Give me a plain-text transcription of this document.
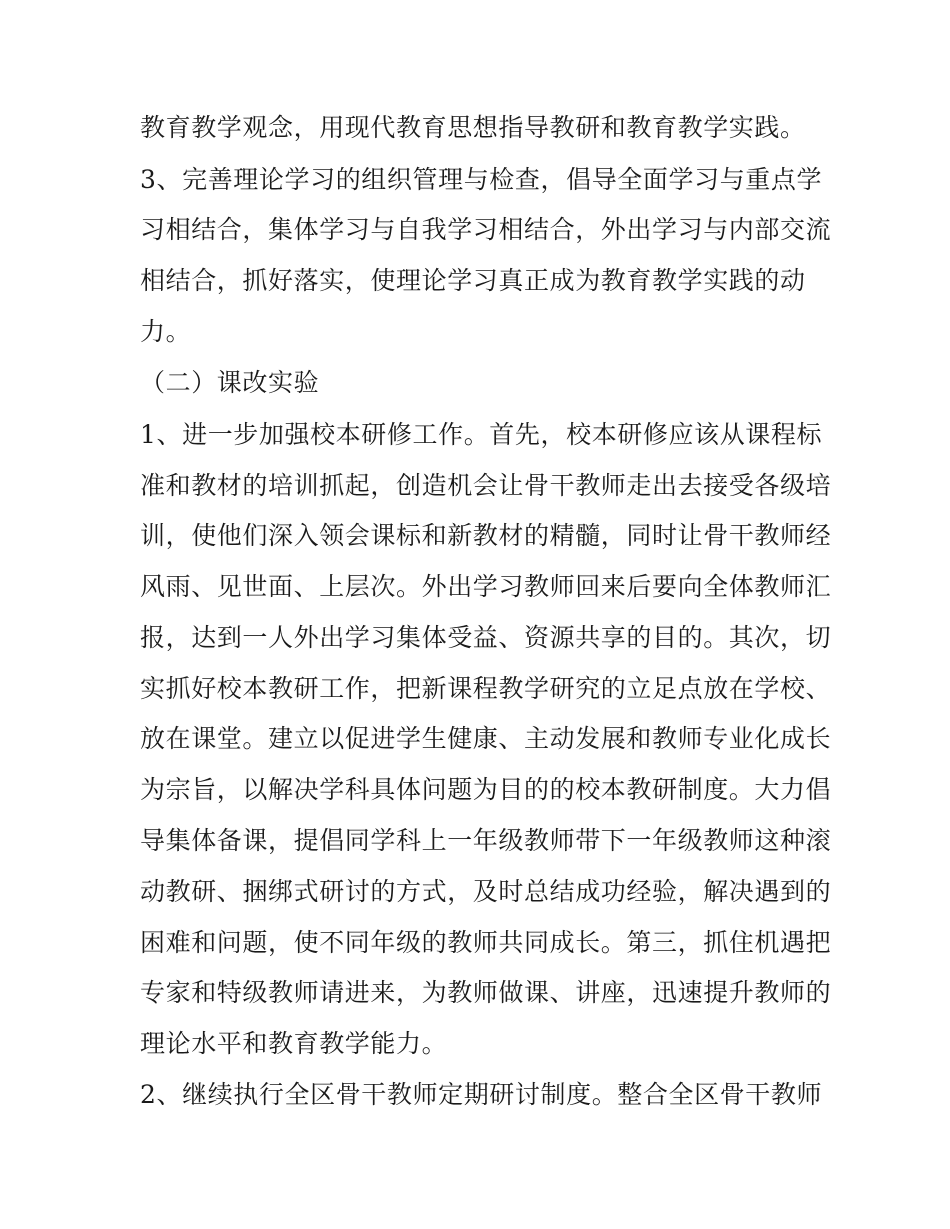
教育教学观念，用现代教育思想指导教研和教育教学实践。
3、完善理论学习的组织管理与检查，倡导全面学习与重点学
习相结合，集体学习与自我学习相结合，外出学习与内部交流
相结合，抓好落实，使理论学习真正成为教育教学实践的动
力。
（二）课改实验
1、进一步加强校本研修工作。首先，校本研修应该从课程标
准和教材的培训抓起，创造机会让骨干教师走出去接受各级培
训，使他们深入领会课标和新教材的精髓，同时让骨干教师经
风雨、见世面、上层次。外出学习教师回来后要向全体教师汇
报，达到一人外出学习集体受益、资源共享的目的。其次，切
实抓好校本教研工作，把新课程教学研究的立足点放在学校、
放在课堂。建立以促进学生健康、主动发展和教师专业化成长
为宗旨，以解决学科具体问题为目的的校本教研制度。大力倡
导集体备课，提倡同学科上一年级教师带下一年级教师这种滚
动教研、捆绑式研讨的方式，及时总结成功经验，解决遇到的
困难和问题，使不同年级的教师共同成长。第三，抓住机遇把
专家和特级教师请进来，为教师做课、讲座，迅速提升教师的
理论水平和教育教学能力。
2、继续执行全区骨干教师定期研讨制度。整合全区骨干教师
